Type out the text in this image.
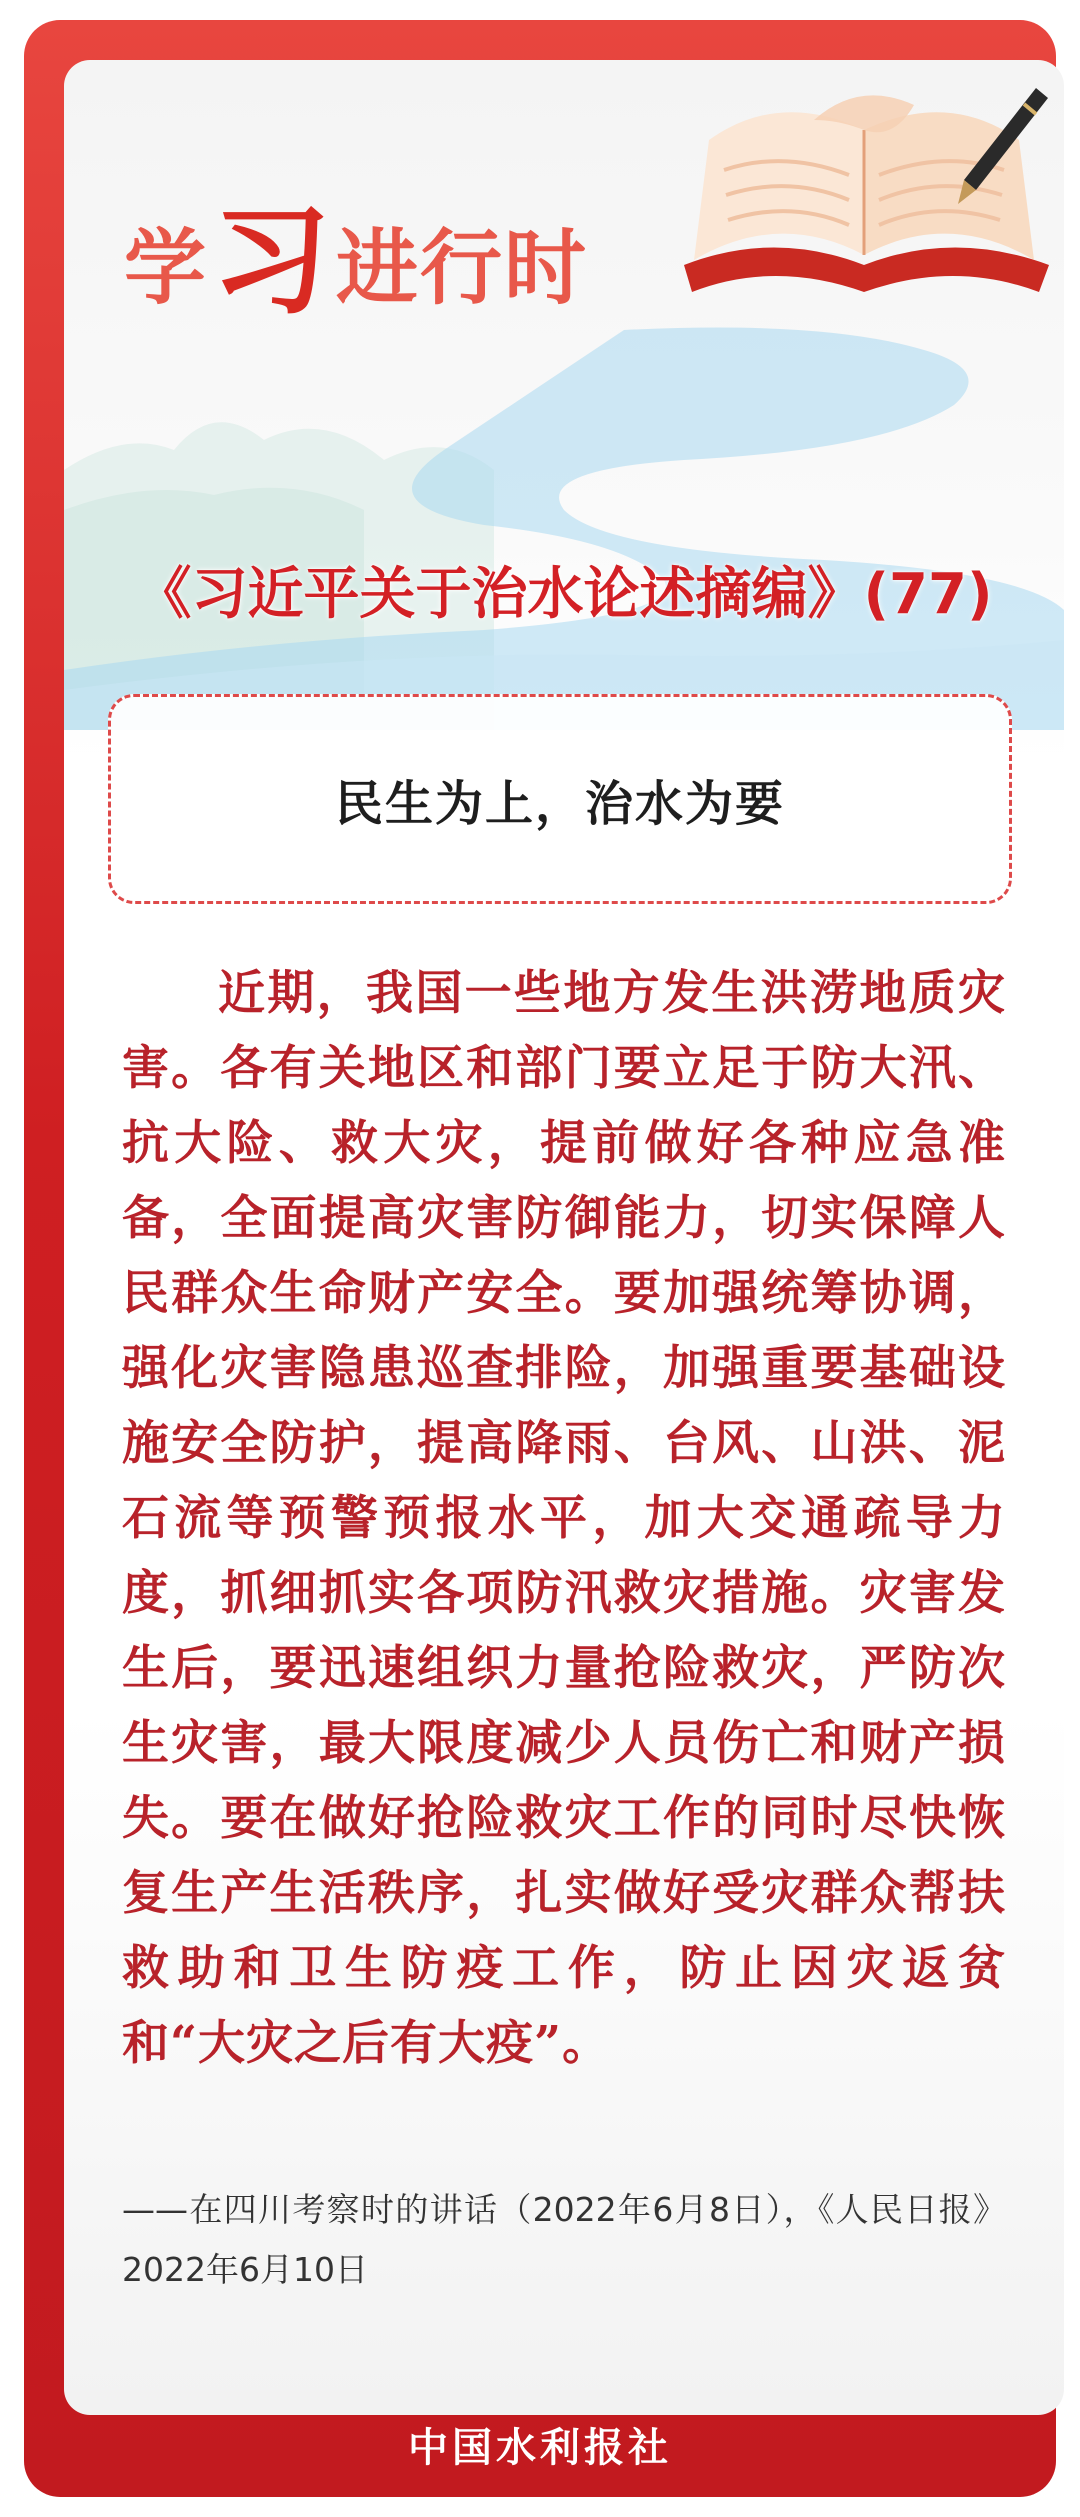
学习进行时
《习近平关于治水论述摘编》(77)
民生为上，治水为要

近期，我国一些地方发生洪涝地质灾害。各有关地区和部门要立足于防大汛、抗大险、救大灾，提前做好各种应急准备，全面提高灾害防御能力，切实保障人民群众生命财产安全。要加强统筹协调，强化灾害隐患巡查排险，加强重要基础设施安全防护，提高降雨、台风、山洪、泥石流等预警预报水平，加大交通疏导力度，抓细抓实各项防汛救灾措施。灾害发生后，要迅速组织力量抢险救灾，严防次生灾害，最大限度减少人员伤亡和财产损失。要在做好抢险救灾工作的同时尽快恢复生产生活秩序，扎实做好受灾群众帮扶救助和卫生防疫工作，防止因灾返贫和“大灾之后有大疫”。

——在四川考察时的讲话（2022年6月8日），《人民日报》2022年6月10日

中国水利报社
